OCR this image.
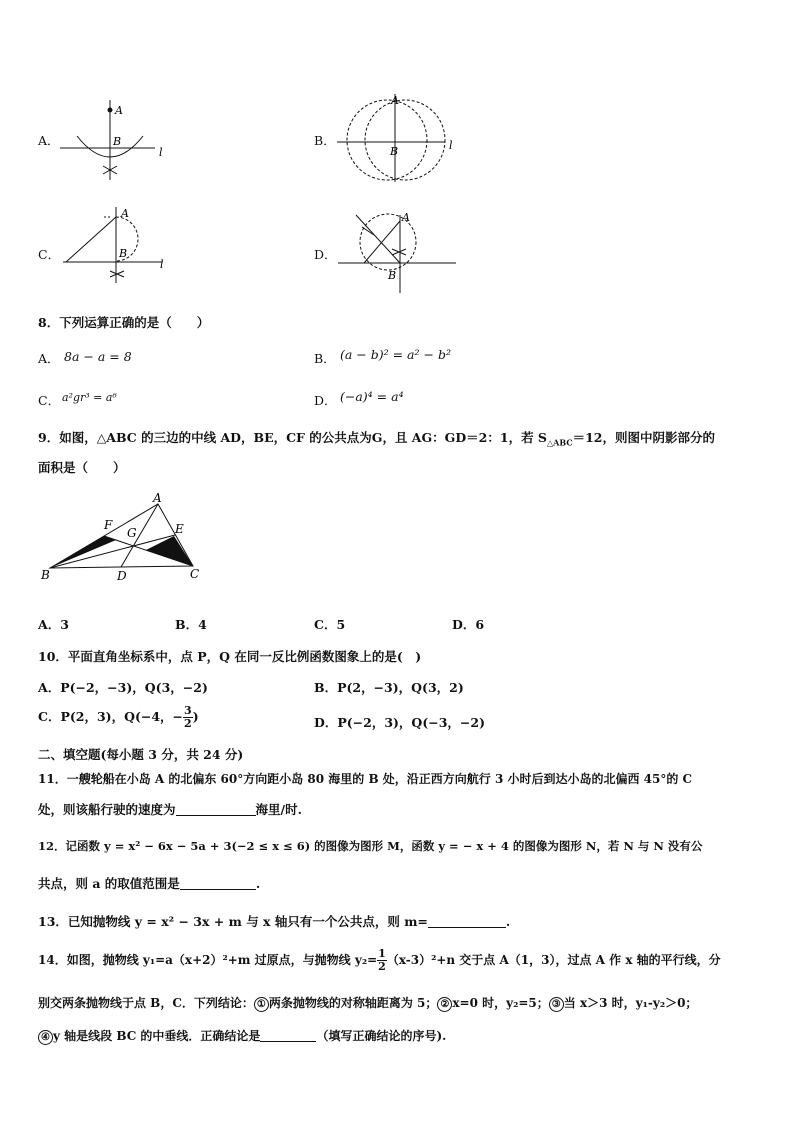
A．
A
B
l
B．
A
B	l
C．
A
B
l
D．
A
B
8．下列运算正确的是（　　）
A． 8a − a = 8	B． (a − b)² = a² − b²
C． a²gr³ = a⁶	D． (−a)⁴ = a⁴
9．如图，△ABC 的三边的中线 AD，BE，CF 的公共点为G，且 AG：GD＝2：1，若 $S_{\triangle ABC}=12$，则图中阴影部分的
面积是（　　）
A
B	C
D
E
F
G
A．3	B．4	C．5	D．6
10．平面直角坐标系中，点 P，Q 在同一反比例函数图象上的是(　)
A．P(−2，−3)，Q(3，−2)	B．P(2，−3)，Q(3，2)
C．P(2，3)，Q(−4，− $\frac{3}{2}$ )	D．P(−2，3)，Q(−3，−2)
二、填空题(每小题 3 分，共 24 分)
11．一艘轮船在小岛 A 的北偏东 60°方向距小岛 80 海里的 B 处，沿正西方向航行 3 小时后到达小岛的北偏西 45°的 C
处，则该船行驶的速度为	海里/时.
12．记函数 y = x² − 6x − 5a + 3(−2 ≤ x ≤ 6) 的图像为图形 M，函数 y = − x + 4 的图像为图形 N，若 N 与 N 没有公
共点，则 a 的取值范围是	.
13．已知抛物线 y = x² − 3x + m 与 x 轴只有一个公共点，则 m=	.
14．如图，抛物线 y₁=a（x+2）²+m 过原点，与抛物线 $y_2= \frac{1}{2} (x-3)^2+n$ 交于点 A（1，3），过点 A 作 x 轴的平行线，分
别交两条抛物线于点 B，C．下列结论： ① 两条抛物线的对称轴距离为 5； ② x=0 时，y₂=5； ③ 当 x＞3 时，y₁-y₂＞0；
④ y 轴是线段 BC 的中垂线．正确结论是	（填写正确结论的序号).
